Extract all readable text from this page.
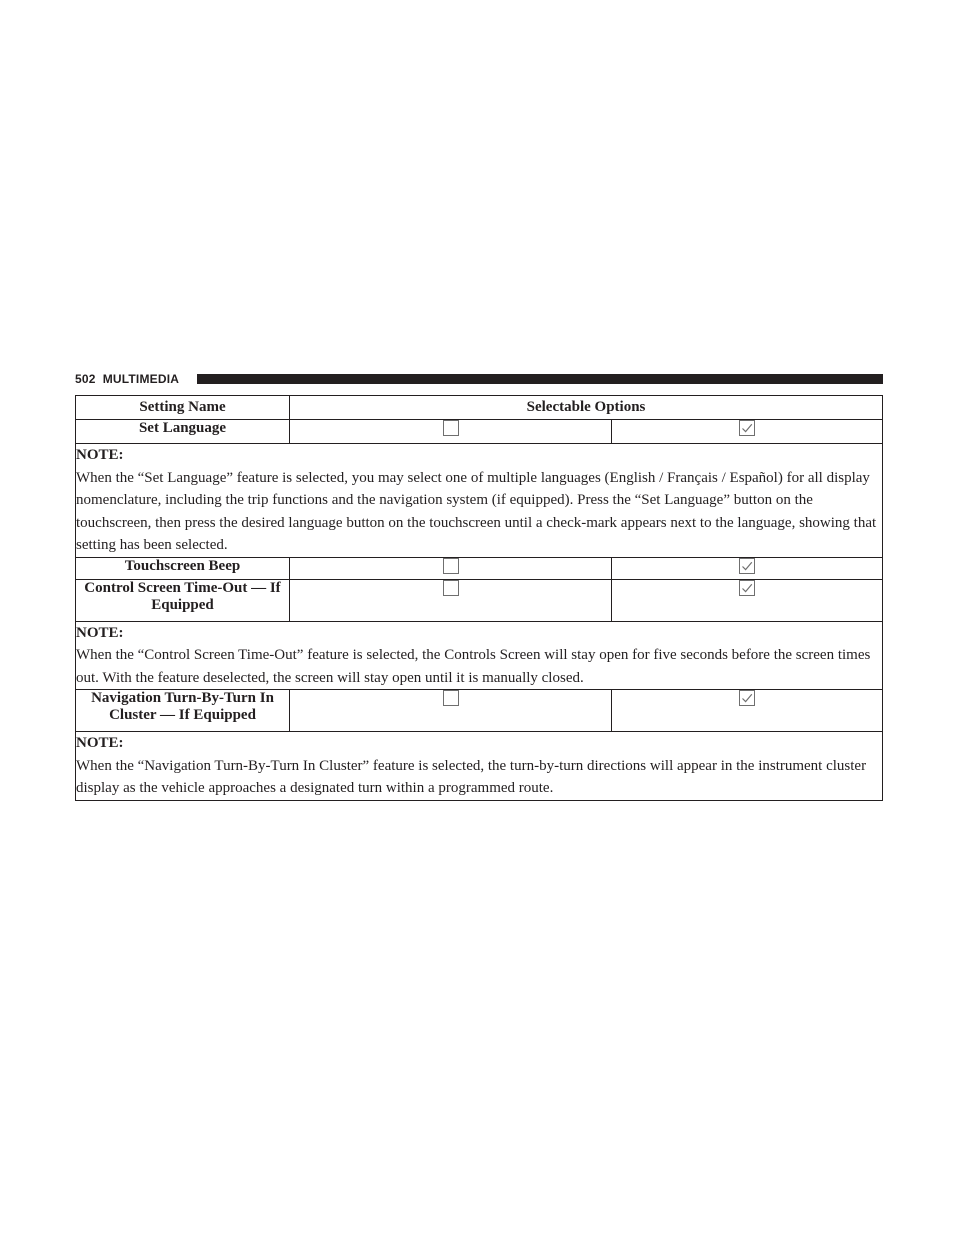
502 MULTIMEDIA
Setting Name	Selectable Options	
Set Language		

NOTE:
When the “Set Language” feature is selected, you may select one of multiple languages (English / Français / Español) for all display nomenclature, including the trip functions and the navigation system (if equipped). Press the “Set Language” button on the touchscreen, then press the desired language button on the touchscreen until a check-mark appears next to the language, showing that setting has been selected.		
Touchscreen Beep		

Control Screen Time-Out — If Equipped		

NOTE:
When the “Control Screen Time-Out” feature is selected, the Controls Screen will stay open for five seconds before the screen times out. With the feature deselected, the screen will stay open until it is manually closed.		
Navigation Turn-By-Turn In Cluster — If Equipped		

NOTE:
When the “Navigation Turn-By-Turn In Cluster” feature is selected, the turn-by-turn directions will appear in the instrument cluster display as the vehicle approaches a designated turn within a programmed route.		
